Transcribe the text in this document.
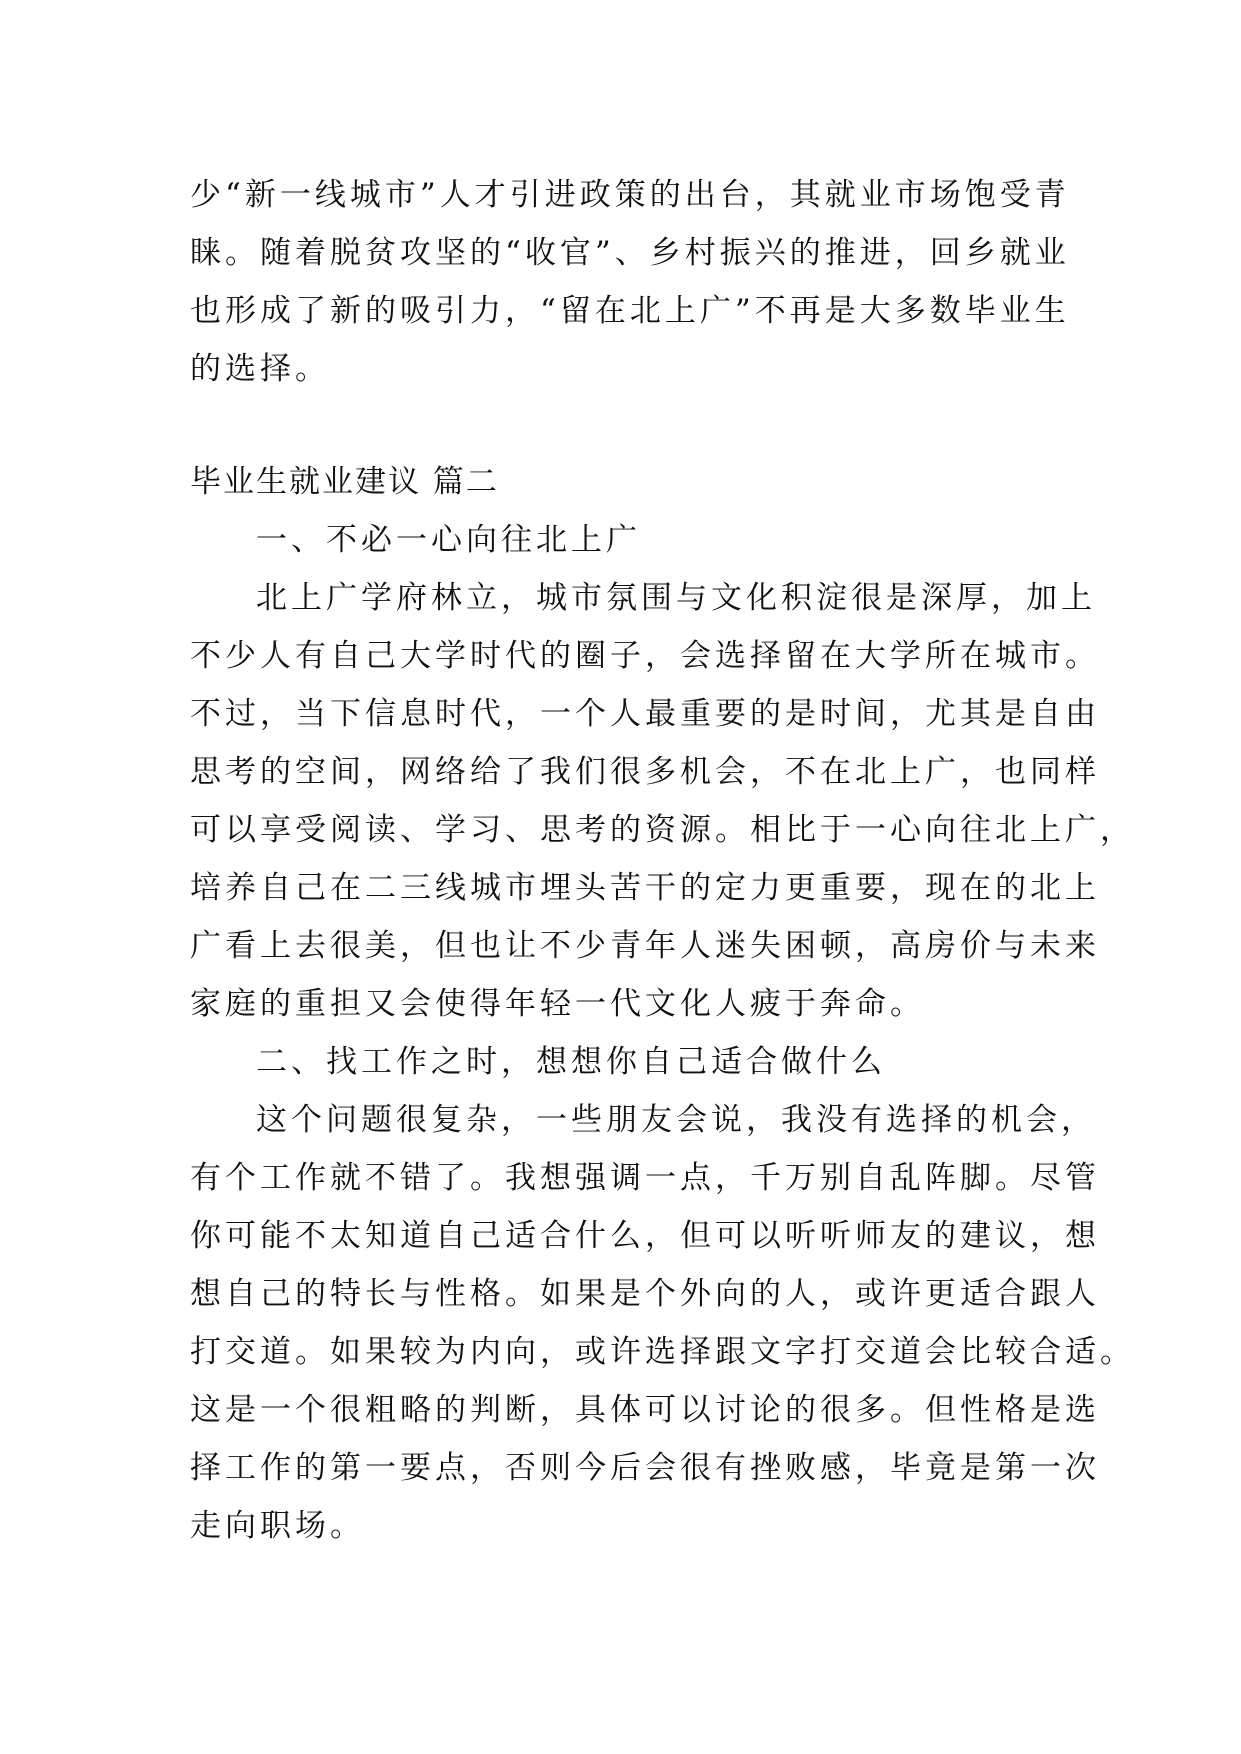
少“新一线城市”人才引进政策的出台，其就业市场饱受青
睐。随着脱贫攻坚的“收官”、乡村振兴的推进，回乡就业
也形成了新的吸引力，“留在北上广”不再是大多数毕业生
的选择。
毕业生就业建议 篇二
一、不必一心向往北上广
北上广学府林立，城市氛围与文化积淀很是深厚，加上
不少人有自己大学时代的圈子，会选择留在大学所在城市。
不过，当下信息时代，一个人最重要的是时间，尤其是自由
思考的空间，网络给了我们很多机会，不在北上广，也同样
可以享受阅读、学习、思考的资源。相比于一心向往北上广，
培养自己在二三线城市埋头苦干的定力更重要，现在的北上
广看上去很美，但也让不少青年人迷失困顿，高房价与未来
家庭的重担又会使得年轻一代文化人疲于奔命。
二、找工作之时，想想你自己适合做什么
这个问题很复杂，一些朋友会说，我没有选择的机会，
有个工作就不错了。我想强调一点，千万别自乱阵脚。尽管
你可能不太知道自己适合什么，但可以听听师友的建议，想
想自己的特长与性格。如果是个外向的人，或许更适合跟人
打交道。如果较为内向，或许选择跟文字打交道会比较合适。
这是一个很粗略的判断，具体可以讨论的很多。但性格是选
择工作的第一要点，否则今后会很有挫败感，毕竟是第一次
走向职场。
